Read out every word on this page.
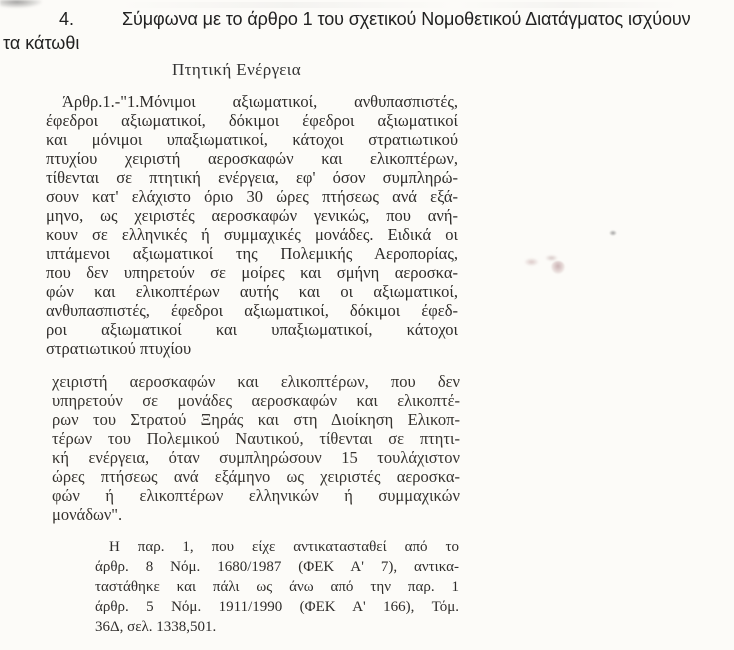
4.	Σύμφωνα με το άρθρο 1 του σχετικού Νομοθετικού Διατάγματος ισχύουν
τα κάτωθι
Πτητική Ενέργεια
Άρθρ.1.-"1.Μόνιμοι αξιωματικοί, ανθυπασπιστές,
έφεδροι αξιωματικοί, δόκιμοι έφεδροι αξιωματικοί
και μόνιμοι υπαξιωματικοί, κάτοχοι στρατιωτικού
πτυχίου χειριστή αεροσκαφών και ελικοπτέρων,
τίθενται σε πτητική ενέργεια, εφ' όσον συμπληρώ-
σουν κατ' ελάχιστο όριο 30 ώρες πτήσεως ανά εξά-
μηνο, ως χειριστές αεροσκαφών γενικώς, που ανή-
κουν σε ελληνικές ή συμμαχικές μονάδες. Ειδικά οι
ιπτάμενοι αξιωματικοί της Πολεμικής Αεροπορίας,
που δεν υπηρετούν σε μοίρες και σμήνη αεροσκα-
φών και ελικοπτέρων αυτής και οι αξιωματικοί,
ανθυπασπιστές, έφεδροι αξιωματικοί, δόκιμοι έφεδ-
ροι αξιωματικοί και υπαξιωματικοί, κάτοχοι
στρατιωτικού πτυχίου
χειριστή αεροσκαφών και ελικοπτέρων, που δεν
υπηρετούν σε μονάδες αεροσκαφών και ελικοπτέ-
ρων του Στρατού Ξηράς και στη Διοίκηση Ελικοπ-
τέρων του Πολεμικού Ναυτικού, τίθενται σε πτητι-
κή ενέργεια, όταν συμπληρώσουν 15 τουλάχιστον
ώρες πτήσεως ανά εξάμηνο ως χειριστές αεροσκα-
φών ή ελικοπτέρων ελληνικών ή συμμαχικών
μονάδων".
Η παρ. 1, που είχε αντικατασταθεί από το
άρθρ. 8 Νόμ. 1680/1987 (ΦΕΚ Α' 7), αντικα-
ταστάθηκε και πάλι ως άνω από την παρ. 1
άρθρ. 5 Νόμ. 1911/1990 (ΦΕΚ Α' 166), Τόμ.
36Δ, σελ. 1338,501.
